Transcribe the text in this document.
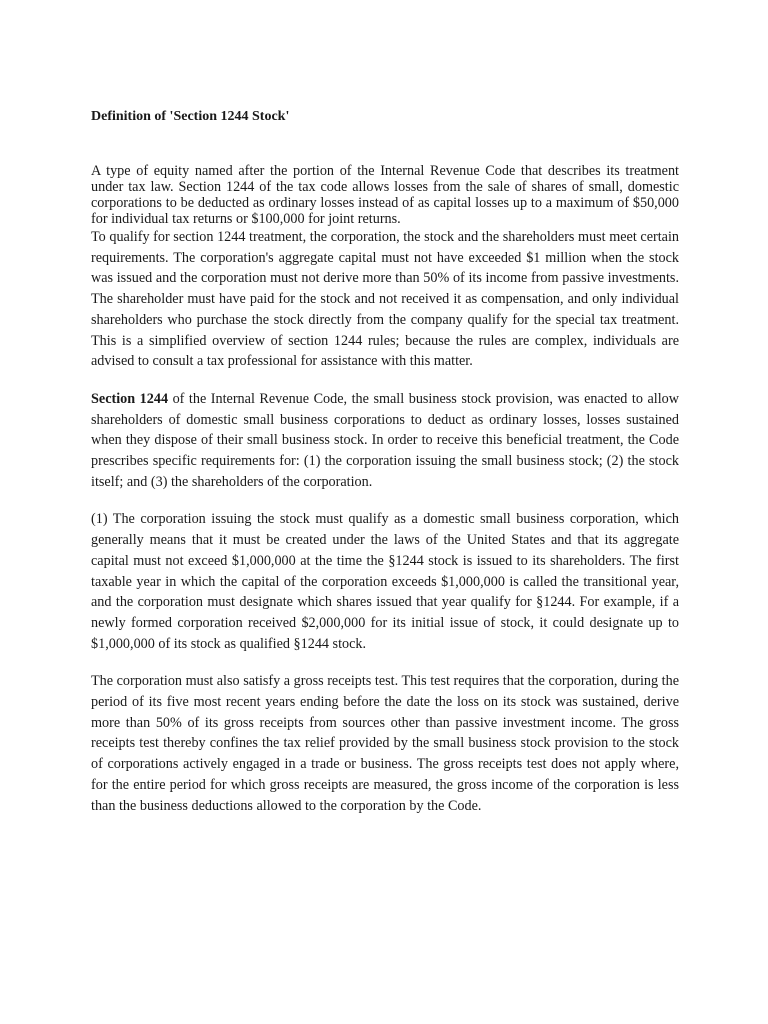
Definition of 'Section 1244 Stock'

A type of equity named after the portion of the Internal Revenue Code that describes its treatment under tax law. Section 1244 of the tax code allows losses from the sale of shares of small, domestic corporations to be deducted as ordinary losses instead of as capital losses up to a maximum of $50,000 for individual tax returns or $100,000 for joint returns.

To qualify for section 1244 treatment, the corporation, the stock and the shareholders must meet certain requirements. The corporation's aggregate capital must not have exceeded $1 million when the stock was issued and the corporation must not derive more than 50% of its income from passive investments. The shareholder must have paid for the stock and not received it as compensation, and only individual shareholders who purchase the stock directly from the company qualify for the special tax treatment. This is a simplified overview of section 1244 rules; because the rules are complex, individuals are advised to consult a tax professional for assistance with this matter.

Section 1244 of the Internal Revenue Code, the small business stock provision, was enacted to allow shareholders of domestic small business corporations to deduct as ordinary losses, losses sustained when they dispose of their small business stock. In order to receive this beneficial treatment, the Code prescribes specific requirements for: (1) the corporation issuing the small business stock; (2) the stock itself; and (3) the shareholders of the corporation.

(1) The corporation issuing the stock must qualify as a domestic small business corporation, which generally means that it must be created under the laws of the United States and that its aggregate capital must not exceed $1,000,000 at the time the §1244 stock is issued to its shareholders. The first taxable year in which the capital of the corporation exceeds $1,000,000 is called the transitional year, and the corporation must designate which shares issued that year qualify for §1244. For example, if a newly formed corporation received $2,000,000 for its initial issue of stock, it could designate up to $1,000,000 of its stock as qualified §1244 stock.

The corporation must also satisfy a gross receipts test. This test requires that the corporation, during the period of its five most recent years ending before the date the loss on its stock was sustained, derive more than 50% of its gross receipts from sources other than passive investment income. The gross receipts test thereby confines the tax relief provided by the small business stock provision to the stock of corporations actively engaged in a trade or business. The gross receipts test does not apply where, for the entire period for which gross receipts are measured, the gross income of the corporation is less than the business deductions allowed to the corporation by the Code.
